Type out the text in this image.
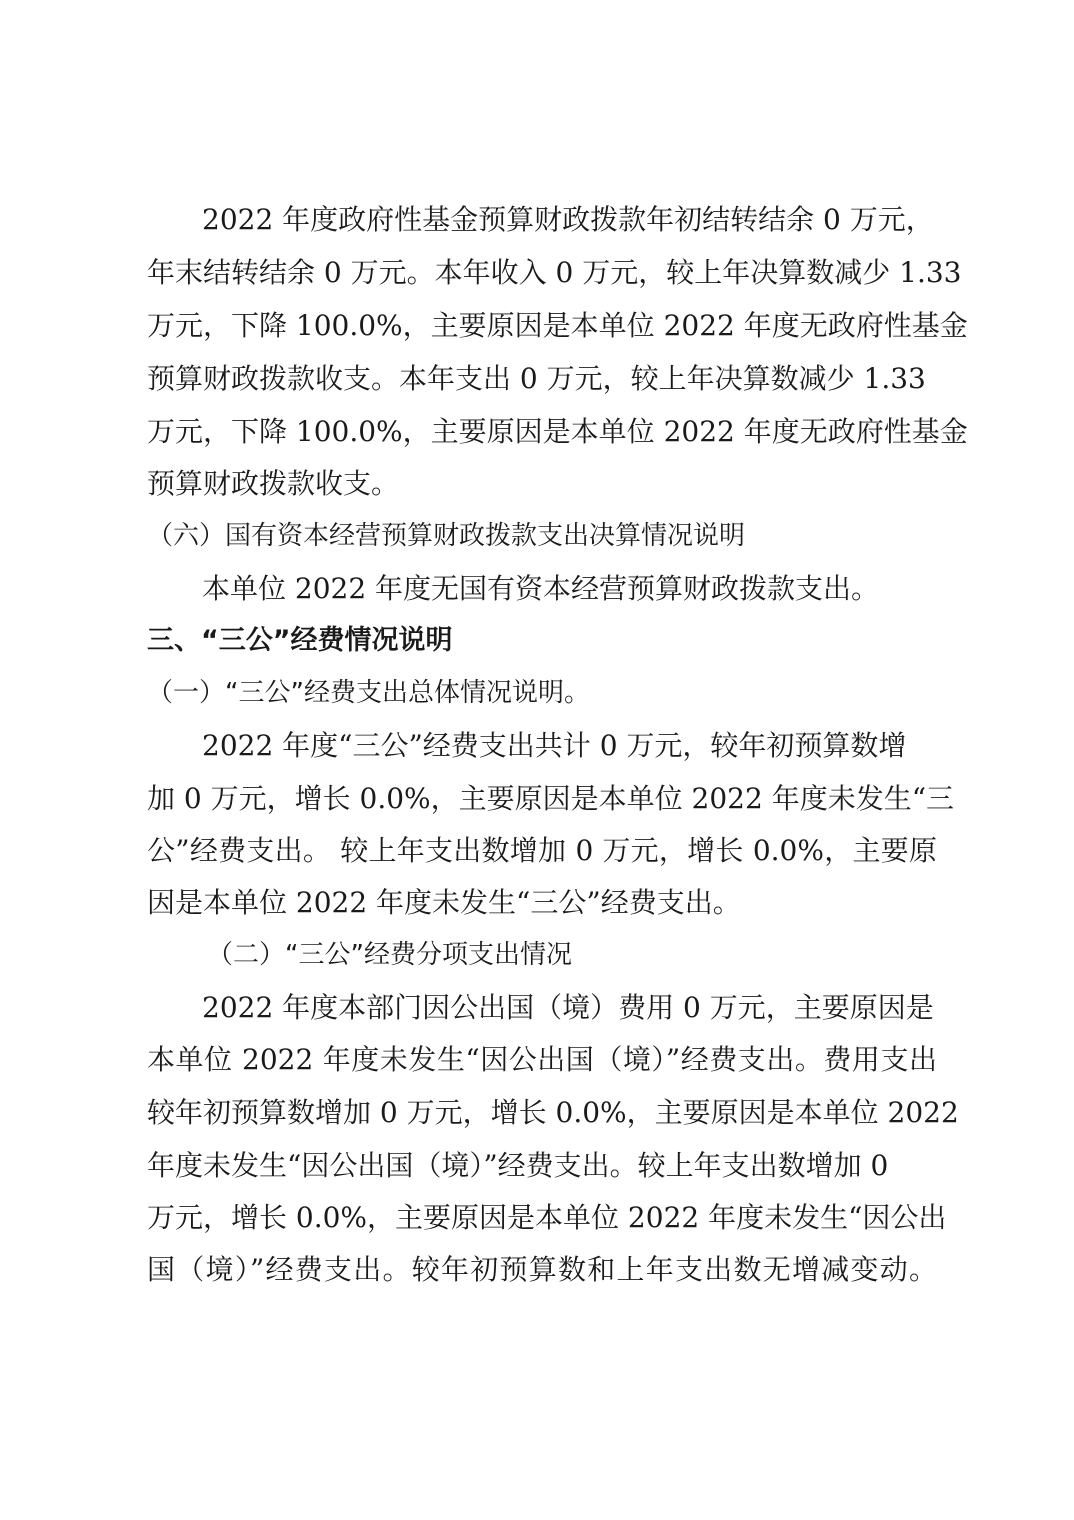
2022 年度政府性基金预算财政拨款年初结转结余 0 万元，
年末结转结余 0 万元。本年收入 0 万元，较上年决算数减少 1.33
万元，下降 100.0%，主要原因是本单位 2022 年度无政府性基金
预算财政拨款收支。本年支出 0 万元，较上年决算数减少 1.33
万元，下降 100.0%，主要原因是本单位 2022 年度无政府性基金
预算财政拨款收支。
（六）国有资本经营预算财政拨款支出决算情况说明
本单位 2022 年度无国有资本经营预算财政拨款支出。
三、“三公”经费情况说明
（一）“三公”经费支出总体情况说明。
2022 年度“三公”经费支出共计 0 万元，较年初预算数增
加 0 万元，增长 0.0%，主要原因是本单位 2022 年度未发生“三
公”经费支出。 较上年支出数增加 0 万元，增长 0.0%，主要原
因是本单位 2022 年度未发生“三公”经费支出。
（二）“三公”经费分项支出情况
2022 年度本部门因公出国（境）费用 0 万元，主要原因是
本单位 2022 年度未发生“因公出国（境）”经费支出。费用支出
较年初预算数增加 0 万元，增长 0.0%，主要原因是本单位 2022
年度未发生“因公出国（境）”经费支出。较上年支出数增加 0
万元，增长 0.0%，主要原因是本单位 2022 年度未发生“因公出
国（境）”经费支出。较年初预算数和上年支出数无增减变动。
